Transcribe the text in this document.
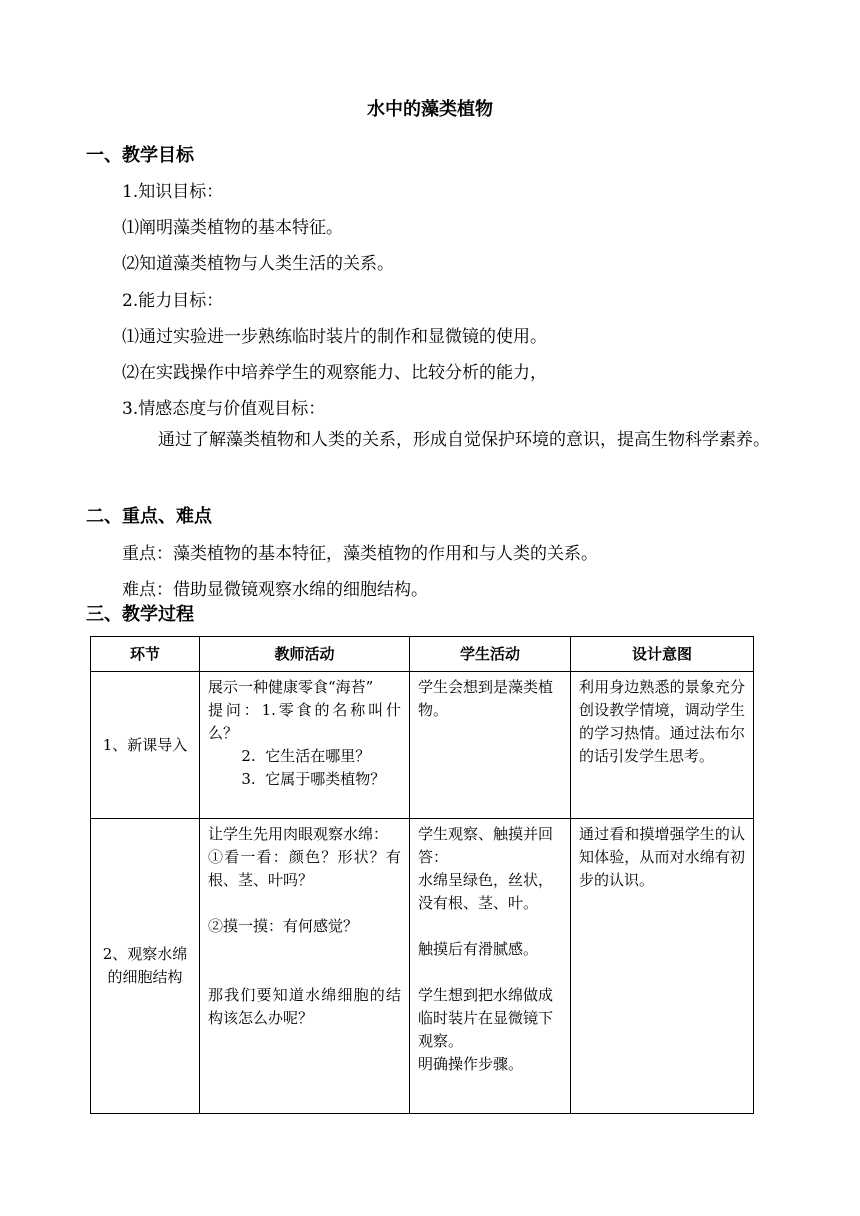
水中的藻类植物
一、教学目标
1.知识目标：
⑴阐明藻类植物的基本特征。
⑵知道藻类植物与人类生活的关系。
2.能力目标：
⑴通过实验进一步熟练临时装片的制作和显微镜的使用。
⑵在实践操作中培养学生的观察能力、比较分析的能力，
3.情感态度与价值观目标：
通过了解藻类植物和人类的关系，形成自觉保护环境的意识，提高生物科学素养。
二、重点、难点
重点：藻类植物的基本特征，藻类植物的作用和与人类的关系。
难点：借助显微镜观察水绵的细胞结构。
三、教学过程
环节	教师活动	学生活动	设计意图
1、新课导入	展示一种健康零食“海苔”
提问：1.零食的名称叫什么？
2.  它生活在哪里？
3.  它属于哪类植物？	学生会想到是藻类植物。	利用身边熟悉的景象充分创设教学情境，调动学生的学习热情。通过法布尔的话引发学生思考。
2、观察水绵的细胞结构	让学生先用肉眼观察水绵：
①看一看：颜色？形状？有根、茎、叶吗？

②摸一摸：有何感觉？

那我们要知道水绵细胞的结构该怎么办呢？	学生观察、触摸并回答：
水绵呈绿色，丝状，没有根、茎、叶。

触摸后有滑腻感。

学生想到把水绵做成临时装片在显微镜下观察。
明确操作步骤。	通过看和摸增强学生的认知体验，从而对水绵有初步的认识。
